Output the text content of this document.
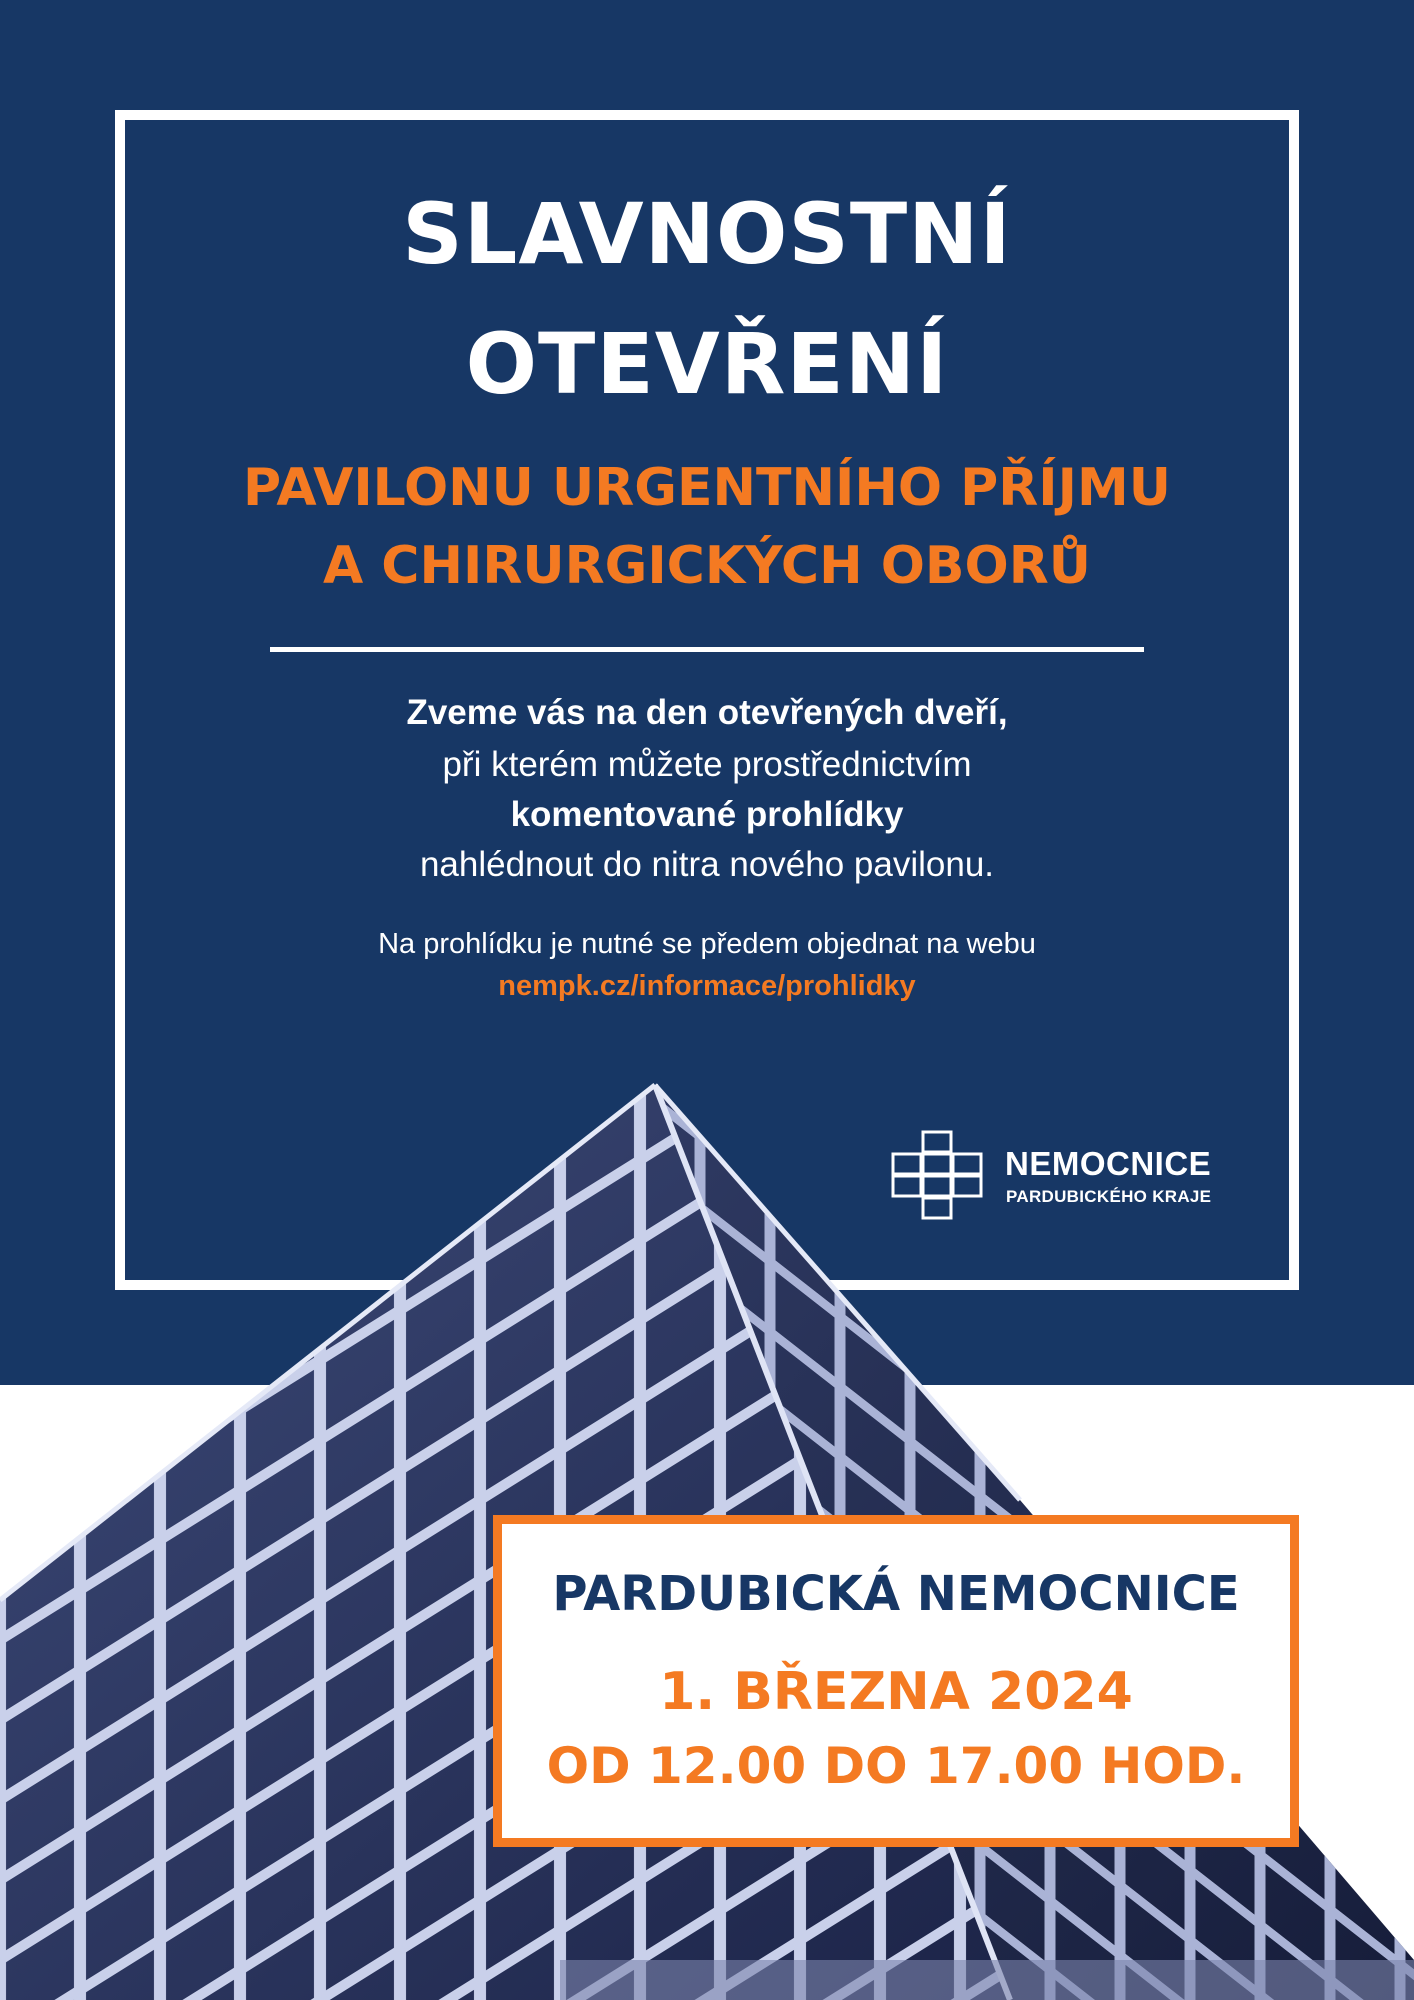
SLAVNOSTNÍ
OTEVŘENÍ
PAVILONU URGENTNÍHO PŘÍJMU
A CHIRURGICKÝCH OBORŮ
Zveme vás na den otevřených dveří,
při kterém můžete prostřednictvím
komentované prohlídky
nahlédnout do nitra nového pavilonu.
Na prohlídku je nutné se předem objednat na webu
nempk.cz/informace/prohlidky
NEMOCNICE
PARDUBICKÉHO KRAJE
PARDUBICKÁ NEMOCNICE
1. BŘEZNA 2024
OD 12.00 DO 17.00 HOD.
